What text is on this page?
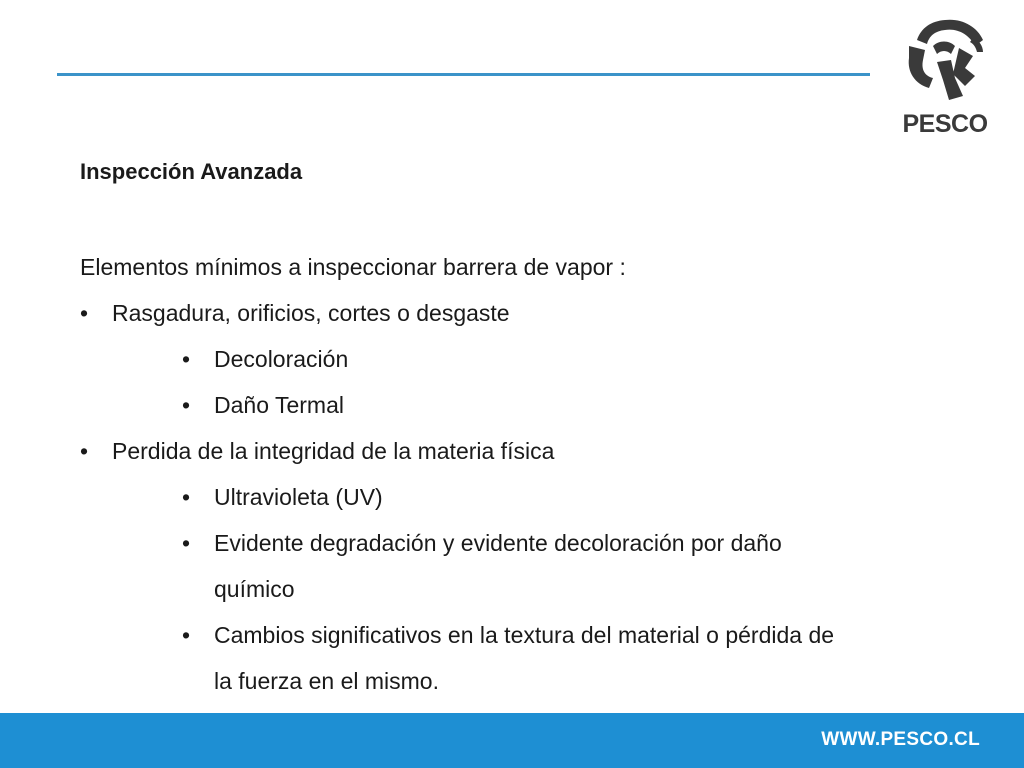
PESCO

Inspección Avanzada

Elementos mínimos a inspeccionar barrera de vapor :

• Rasgadura, orificios, cortes o desgaste
• Decoloración
• Daño Termal
• Perdida de la integridad de la materia física
• Ultravioleta (UV)
• Evidente degradación y evidente decoloración por daño
químico
• Cambios significativos en la textura del material o pérdida de
la fuerza en el mismo.
WWW.PESCO.CL
